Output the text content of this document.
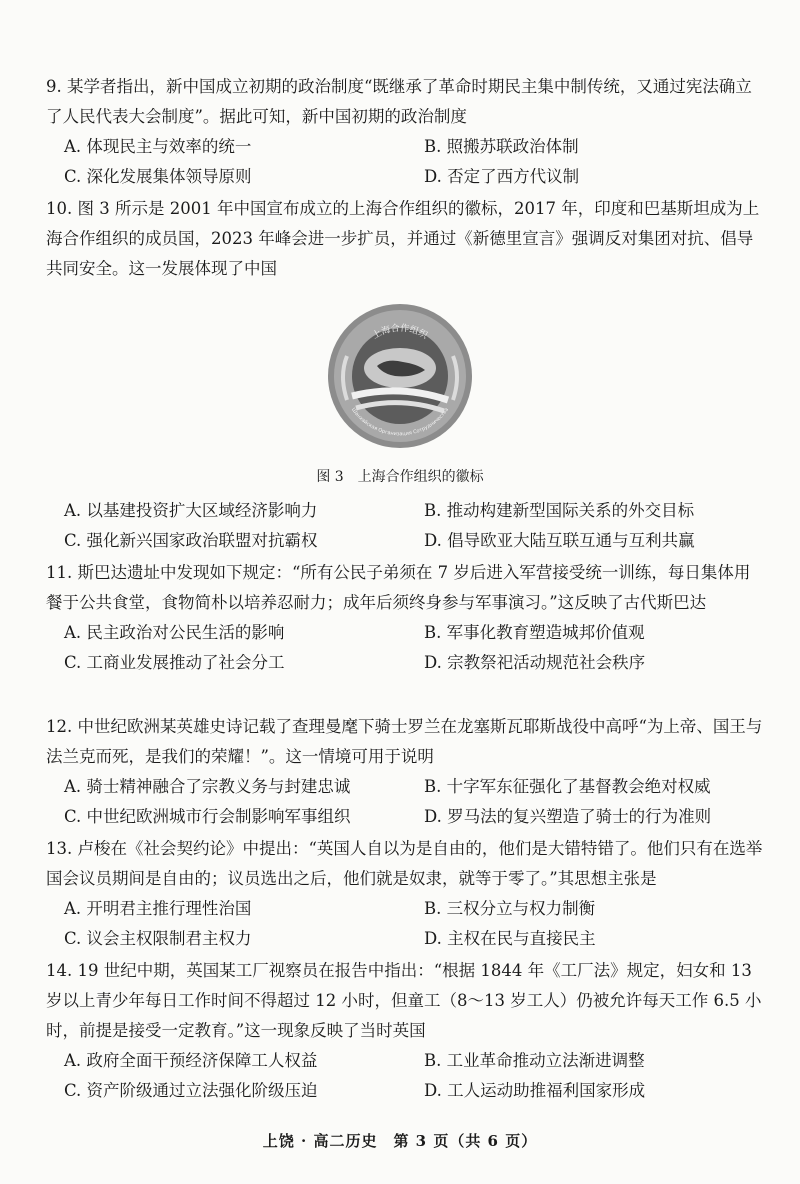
9. 某学者指出，新中国成立初期的政治制度“既继承了革命时期民主集中制传统，又通过宪法确立了人民代表大会制度”。据此可知，新中国初期的政治制度

A. 体现民主与效率的统一	B. 照搬苏联政治体制
C. 深化发展集体领导原则	D. 否定了西方代议制

10. 图 3 所示是 2001 年中国宣布成立的上海合作组织的徽标，2017 年，印度和巴基斯坦成为上海合作组织的成员国，2023 年峰会进一步扩员，并通过《新德里宣言》强调反对集团对抗、倡导共同安全。这一发展体现了中国

上海合作组织
Шанхайская Организация Сотрудничества
图 3　上海合作组织的徽标
A. 以基建投资扩大区域经济影响力	B. 推动构建新型国际关系的外交目标
C. 强化新兴国家政治联盟对抗霸权	D. 倡导欧亚大陆互联互通与互利共赢

11. 斯巴达遗址中发现如下规定：“所有公民子弟须在 7 岁后进入军营接受统一训练，每日集体用餐于公共食堂，食物简朴以培养忍耐力；成年后须终身参与军事演习。”这反映了古代斯巴达

A. 民主政治对公民生活的影响	B. 军事化教育塑造城邦价值观
C. 工商业发展推动了社会分工	D. 宗教祭祀活动规范社会秩序

12. 中世纪欧洲某英雄史诗记载了查理曼麾下骑士罗兰在龙塞斯瓦耶斯战役中高呼“为上帝、国王与法兰克而死，是我们的荣耀！”。这一情境可用于说明

A. 骑士精神融合了宗教义务与封建忠诚	B. 十字军东征强化了基督教会绝对权威
C. 中世纪欧洲城市行会制影响军事组织	D. 罗马法的复兴塑造了骑士的行为准则

13. 卢梭在《社会契约论》中提出：“英国人自以为是自由的，他们是大错特错了。他们只有在选举国会议员期间是自由的；议员选出之后，他们就是奴隶，就等于零了。”其思想主张是

A. 开明君主推行理性治国	B. 三权分立与权力制衡
C. 议会主权限制君主权力	D. 主权在民与直接民主

14. 19 世纪中期，英国某工厂视察员在报告中指出：“根据 1844 年《工厂法》规定，妇女和 13 岁以上青少年每日工作时间不得超过 12 小时，但童工（8～13 岁工人）仍被允许每天工作 6.5 小时，前提是接受一定教育。”这一现象反映了当时英国

A. 政府全面干预经济保障工人权益	B. 工业革命推动立法渐进调整
C. 资产阶级通过立法强化阶级压迫	D. 工人运动助推福利国家形成
上饶 · 高二历史　第 3 页（共 6 页）
